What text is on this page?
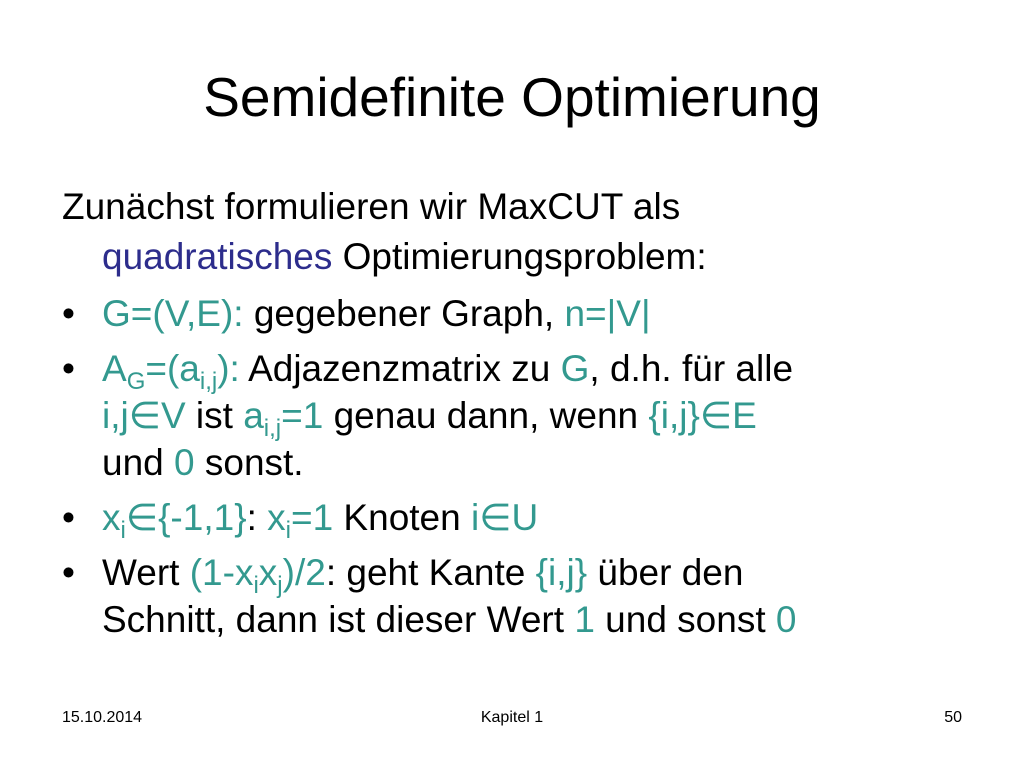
Semidefinite Optimierung
Zunächst formulieren wir MaxCUT als
quadratisches Optimierungsproblem:
• G=(V,E): gegebener Graph, n=|V|
• $A_G=(a_{i,j})$: Adjazenzmatrix zu G, d.h. für alle
i,j∈V ist $a_{i,j}=1$ genau dann, wenn {i,j}∈E
und 0 sonst.
• $x_i\in\{-1,1\}$: $x_i=1$ Knoten i∈U
• Wert $(1-x_ix_j)/2$: geht Kante {i,j} über den
Schnitt, dann ist dieser Wert 1 und sonst 0
15.10.2014	Kapitel 1	50
